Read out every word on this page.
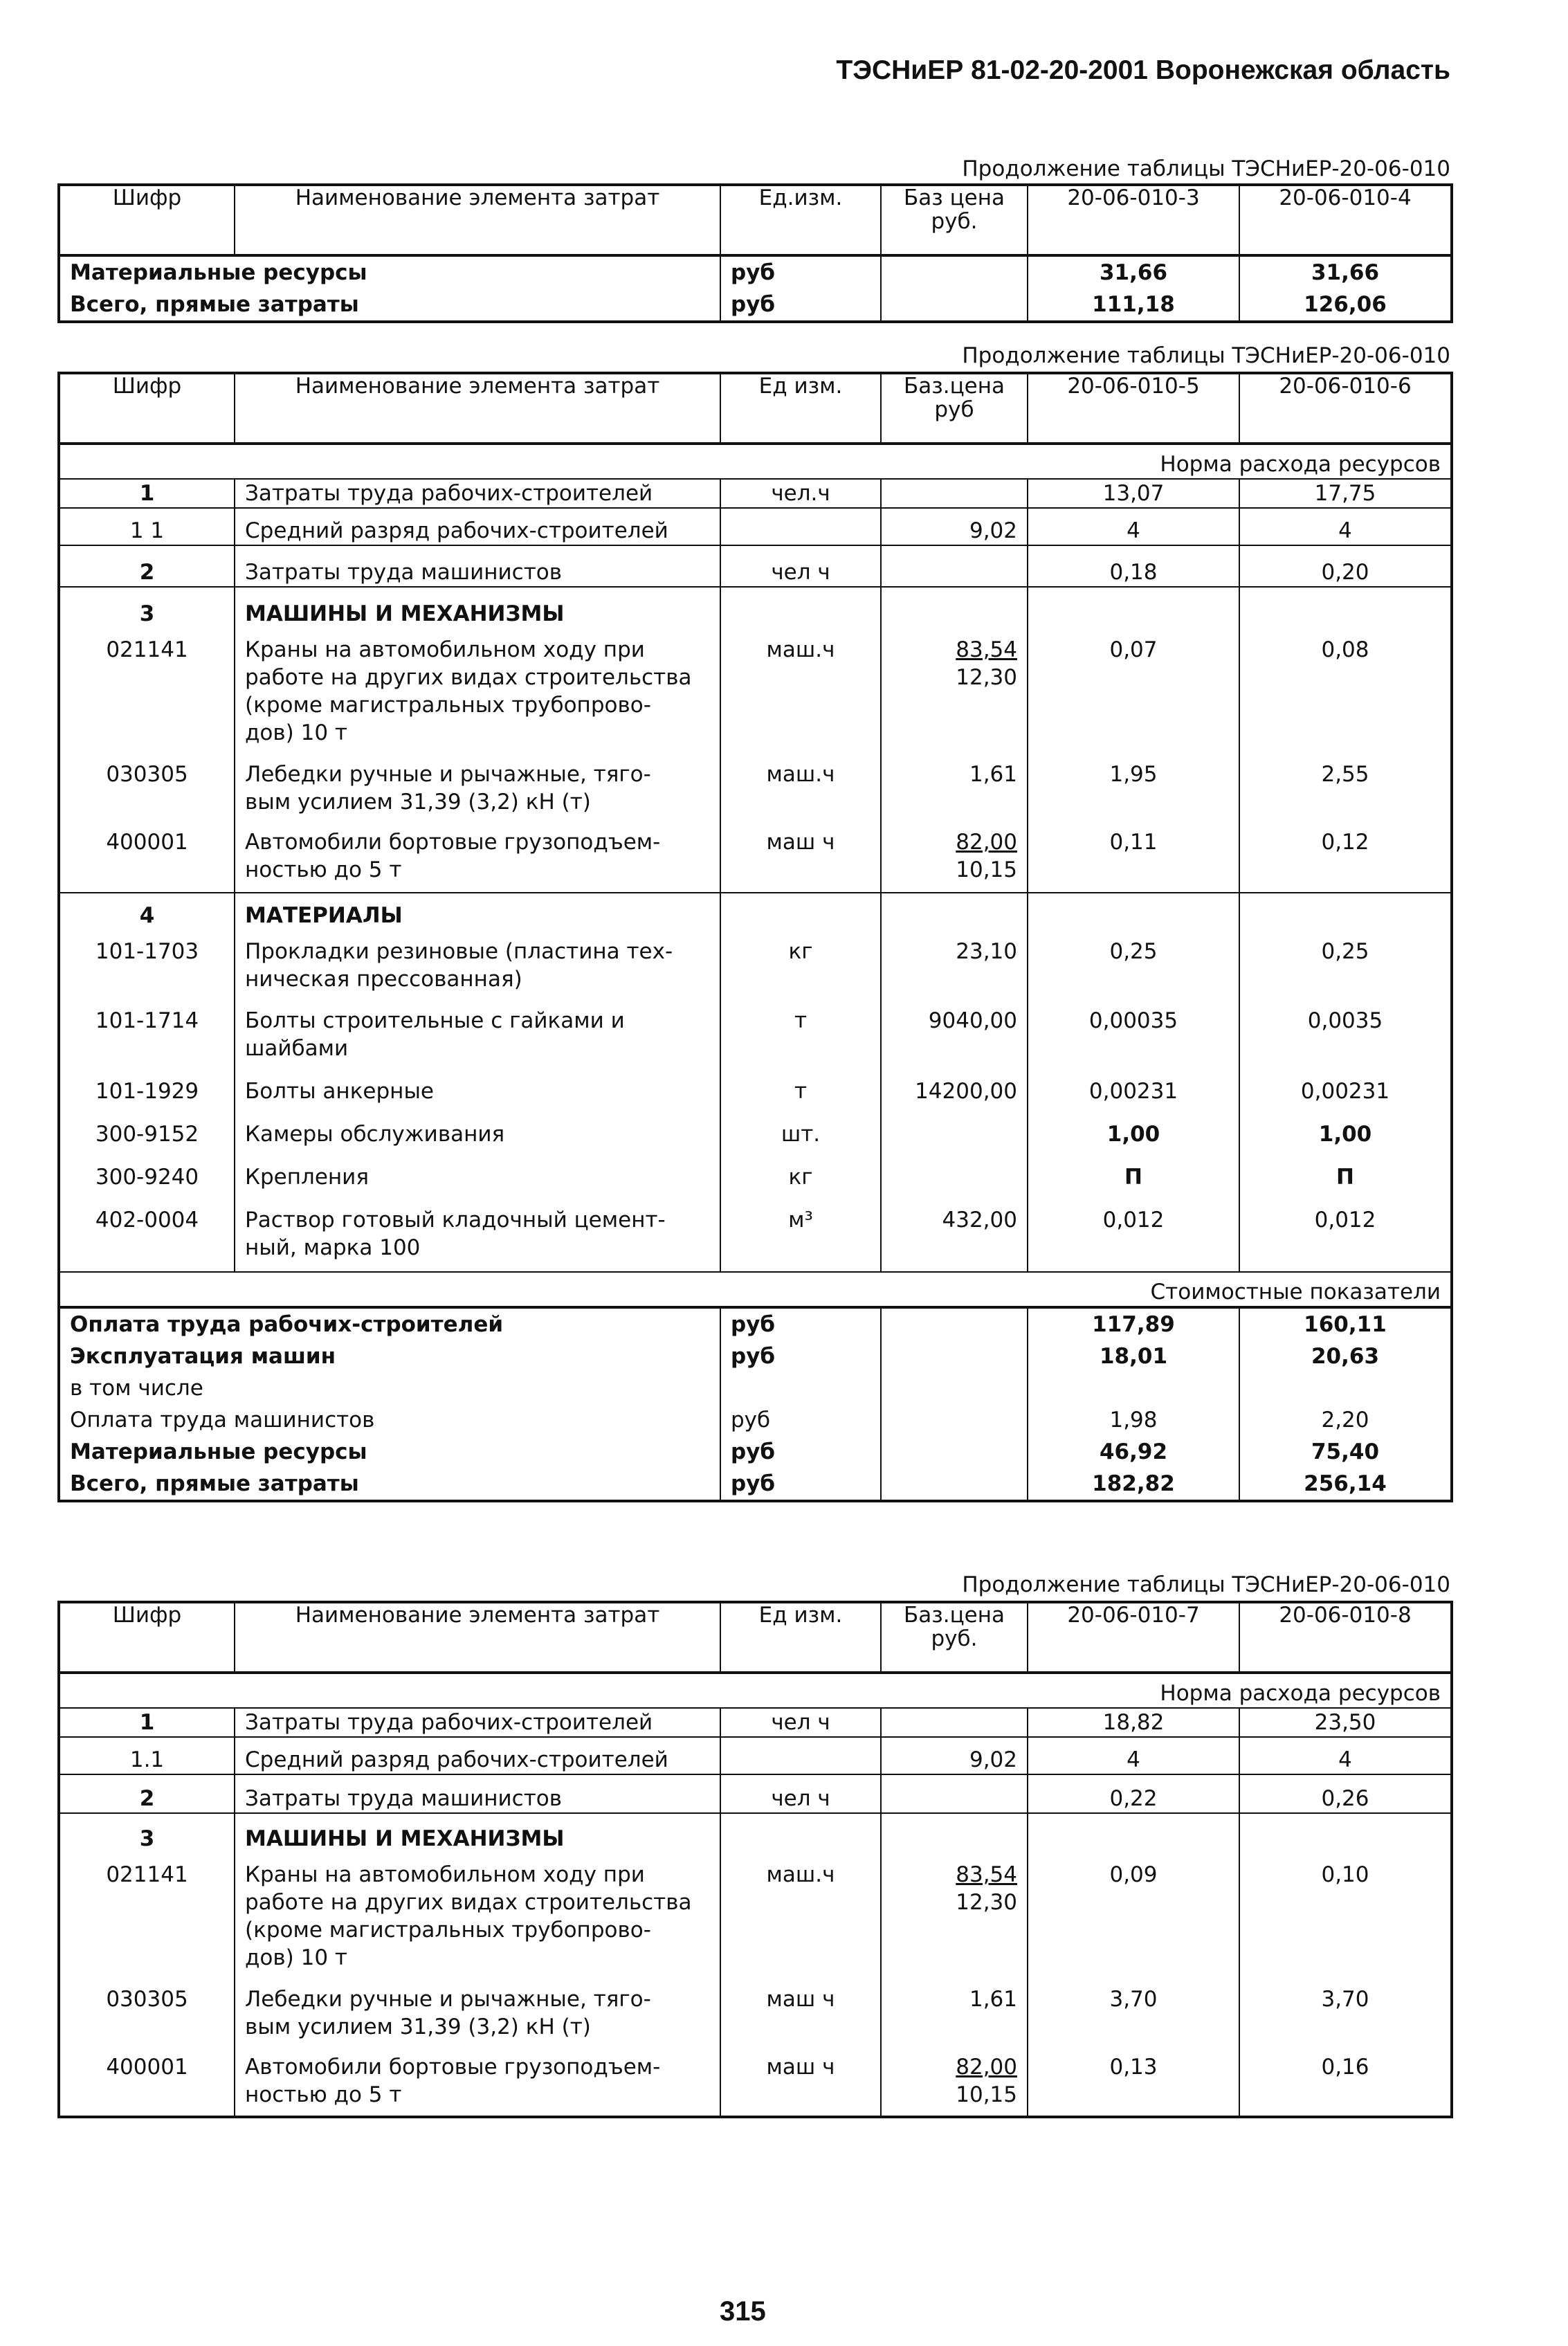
ТЭСНиЕР 81-02-20-2001 Воронежская область
Продолжение таблицы ТЭСНиЕР-20-06-010
Шифр	Наименование элемента затрат	Ед.изм.	Баз цена
руб.	20-06-010-3	20-06-010-4
Материальные ресурсы		руб		31,66	31,66
Всего, прямые затраты		руб		111,18	126,06
Продолжение таблицы ТЭСНиЕР-20-06-010
Шифр	Наименование элемента затрат	Ед изм.	Баз.цена
руб	20-06-010-5	20-06-010-6
Норма расхода ресурсов					
1	Затраты труда рабочих-строителей	чел.ч		13,07	17,75
1 1	Средний разряд рабочих-строителей		9,02	4	4
2	Затраты труда машинистов	чел ч		0,18	0,20
3	МАШИНЫ И МЕХАНИЗМЫ				
021141	Краны на автомобильном ходу при
работе на других видах строительства
(кроме магистральных трубопрово-
дов) 10 т	маш.ч	$\frac{83,54}{12,30}$	0,07	0,08
030305	Лебедки ручные и рычажные, тяго-
вым усилием 31,39 (3,2) кН (т)	маш.ч	1,61	1,95	2,55
400001	Автомобили бортовые грузоподъем-
ностью до 5 т	маш ч	$\frac{82,00}{10,15}$	0,11	0,12
4	МАТЕРИАЛЫ				
101-1703	Прокладки резиновые (пластина тех-
ническая прессованная)	кг	23,10	0,25	0,25
101-1714	Болты строительные с гайками и
шайбами	т	9040,00	0,00035	0,0035
101-1929	Болты анкерные	т	14200,00	0,00231	0,00231
300-9152	Камеры обслуживания	шт.		1,00	1,00
300-9240	Крепления	кг		П	П
402-0004	Раствор готовый кладочный цемент-
ный, марка 100	м³	432,00	0,012	0,012
Стоимостные показатели					
Оплата труда рабочих-строителей		руб		117,89	160,11
Эксплуатация машин		руб		18,01	20,63
в том числе					
Оплата труда машинистов		руб		1,98	2,20
Материальные ресурсы		руб		46,92	75,40
Всего, прямые затраты		руб		182,82	256,14
Продолжение таблицы ТЭСНиЕР-20-06-010
Шифр	Наименование элемента затрат	Ед изм.	Баз.цена
руб.	20-06-010-7	20-06-010-8
Норма расхода ресурсов					
1	Затраты труда рабочих-строителей	чел ч		18,82	23,50
1.1	Средний разряд рабочих-строителей		9,02	4	4
2	Затраты труда машинистов	чел ч		0,22	0,26
3	МАШИНЫ И МЕХАНИЗМЫ				
021141	Краны на автомобильном ходу при
работе на других видах строительства
(кроме магистральных трубопрово-
дов) 10 т	маш.ч	$\frac{83,54}{12,30}$	0,09	0,10
030305	Лебедки ручные и рычажные, тяго-
вым усилием 31,39 (3,2) кН (т)	маш ч	1,61	3,70	3,70
400001	Автомобили бортовые грузоподъем-
ностью до 5 т	маш ч	$\frac{82,00}{10,15}$	0,13	0,16
315
